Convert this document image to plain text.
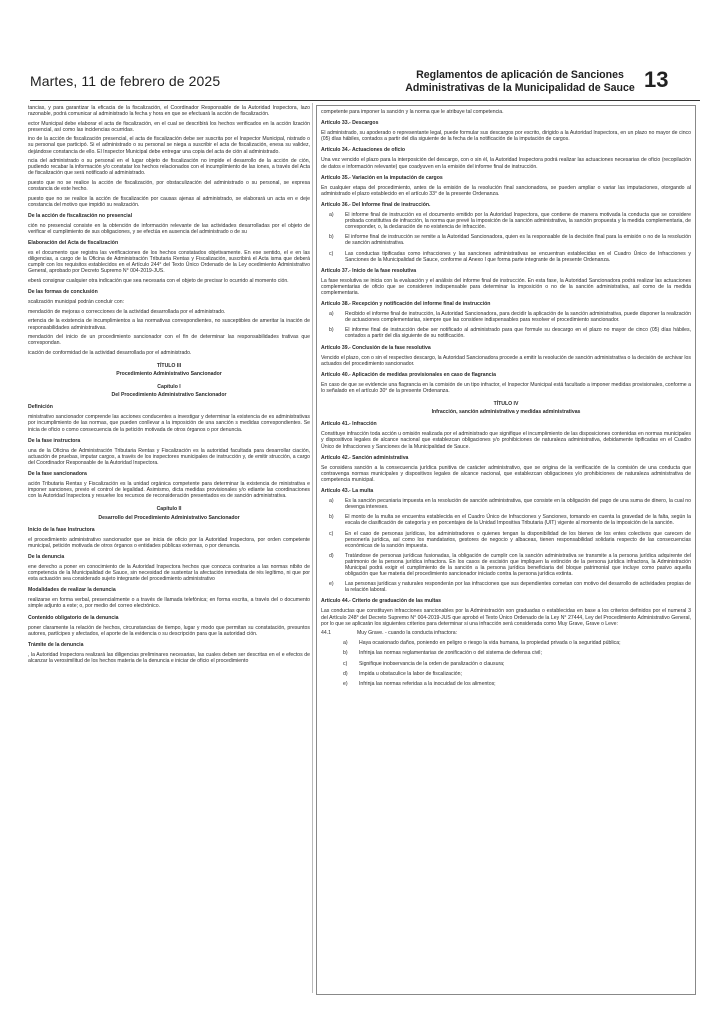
Martes, 11 de febrero de 2025	Reglamentos de aplicación de Sanciones
Administrativas de la Municipalidad de Sauce 13
tancias, y para garantizar la eficacia de la fiscalización, el Coordinador Responsable de la Autoridad Inspectora, lazo razonable, podrá comunicar al administrado la fecha y hora en que se efectuará la acción de fiscalización.
ector Municipal debe elaborar el acta de fiscalización, en el cual se describirá los hechos verificados en la acción lización presencial, así como las incidencias ocurridas.
ino de la acción de fiscalización presencial, el acta de fiscalización debe ser suscrita por el Inspector Municipal, nistrado o su personal que participó. Si el administrado o su personal se niega a suscribir el acta de fiscalización, enesa su validez, dejándose constancia de ello. El Inspector Municipal debe entregar una copia del acta de ción al administrado.
ncia del administrado o su personal en el lugar objeto de fiscalización no impide el desarrollo de la acción de ción, pudiendo recabar la información y/o constatar los hechos relacionados con el incumplimiento de las iones, a través del Acta de fiscalización que será notificado al administrado.
puesto que no se realice la acción de fiscalización, por obstaculización del administrado o su personal, se expresa constancia de este hecho.
puesto que no se realice la acción de fiscalización por causas ajenas al administrado, se elaborará un acta en e deje constancia del motivo que impidió su realización.
De la acción de fiscalización no presencial
ción no presencial consiste en la obtención de información relevante de las actividades desarrolladas por el objeto de verificar el cumplimiento de sus obligaciones, y se efectúa en ausencia del administrado o de su
Elaboración del Acta de fiscalización
es el documento que registra las verificaciones de los hechos constatados objetivamente. En ese sentido, el e en las diligencias, a cargo de la Oficina de Administración Tributaria Rentas y Fiscalización, suscribirá el Acta isma que deberá cumplir con los requisitos establecidos en el Artículo 244° del Texto Único Ordenado de la Ley ocedimiento Administrativo General, aprobado por Decreto Supremo N° 004-2019-JUS.
eberá consignar cualquier otra indicación que sea necesaria con el objeto de precisar lo ocurrido al momento ción.
De las formas de conclusión
scalización municipal podrán concluir con:
mendación de mejoras o correcciones de la actividad desarrollada por el administrado.
ertencia de la existencia de incumplimientos a las normativas correspondientes, no susceptibles de ameritar la inación de responsabilidades administrativas.
mendación del inicio de un procedimiento sancionador con el fin de determinar las responsabilidades trativas que correspondan.
icación de conformidad de la actividad desarrollada por el administrado.
TÍTULO III
Procedimiento Administrativo Sancionador
Capítulo I
Del Procedimiento Administrativo Sancionador
Definición
ministrativo sancionador comprende las acciones conducentes a investigar y determinar la existencia de es administrativas por incumplimiento de las normas, que pueden conllevar a la imposición de una sanción s medidas correspondientes. Se inicia de oficio o como consecuencia de la petición motivada de otros órganos o por denuncia.
De la fase instructora
una de la Oficina de Administración Tributaria Rentas y Fiscalización es la autoridad facultada para desarrollar ciación, actuación de pruebas, imputar cargos, a través de los inspectores municipales de instrucción y, de emitir strucción, a cargo del Coordinador Responsable de la Autoridad Inspectora.
De la fase sancionadora
ación Tributaria Rentas y Fiscalización es la unidad orgánica competente para determinar la existencia de ministrativa e imponer sanciones, previo el control de legalidad. Asimismo, dicta medidas provisionales y/o ediante las coordinaciones con la Autoridad Inspectora y resuelve los recursos de reconsideración presentados es de sanción administrativa.
Capítulo II
Desarrollo del Procedimiento Administrativo Sancionador
Inicio de la fase Instructora
el procedimiento administrativo sancionador que se inicia de oficio por la Autoridad Inspectora, por orden competente municipal, petición motivada de otros órganos o entidades públicas externas, o por denuncia.
De la denuncia
ene derecho a poner en conocimiento de la Autoridad Inspectora hechos que conozca contrarios a las normas ntbito de competencia de la Municipalidad de Sauce, sin necesidad de sustentar la afectación inmediata de rés legítimo, ni que por esta actuación sea considerado sujeto integrante del procedimiento administrativo
Modalidades de realizar la denuncia
realizarse en forma verbal, presencialmente o a través de llamada telefónica; en forma escrita, a través del o documento simple adjunto a este; o, por medio del correo electrónico.
Contenido obligatorio de la denuncia
poner claramente la relación de hechos, circunstancias de tiempo, lugar y modo que permitan su constatación, presuntos autores, partícipes y afectados, el aporte de la evidencia o su descripción para que la autoridad ción.
Trámite de la denuncia
, la Autoridad Inspectora realizará las diligencias preliminares necesarias, las cuales deben ser descritas en el e efectos de alcanzar la verosimilitud de los hechos materia de la denuncia e iniciar de oficio el procedimiento
competente para imponer la sanción y la norma que le atribuye tal competencia.
Artículo 33.- Descargos
El administrado, su apoderado o representante legal, puede formular sus descargos por escrito, dirigido a la Autoridad Inspectora, en un plazo no mayor de cinco (05) días hábiles, contados a partir del día siguiente de la fecha de la notificación de la imputación de cargos.
Artículo 34.- Actuaciones de oficio
Una vez vencido el plazo para la interposición del descargo, con o sin él, la Autoridad Inspectora podrá realizar las actuaciones necesarias de oficio (recopilación de datos e información relevante) que coadyuven en la emisión del informe final de instrucción.
Artículo 35.- Variación en la imputación de cargos
En cualquier etapa del procedimiento, antes de la emisión de la resolución final sancionadora, se pueden ampliar o variar las imputaciones, otorgando al administrado el plazo establecido en el artículo 33° de la presente Ordenanza.
Artículo 36.- Del Informe final de instrucción.
a)	El informe final de instrucción es el documento emitido por la Autoridad Inspectora, que contiene de manera motivada la conducta que se considere probada constitutiva de infracción, la norma que prevé la imposición de la sanción administrativa, la sanción propuesta y la medida complementaria, de corresponder, o, la declaración de no existencia de infracción.
b)	El informe final de instrucción se remite a la Autoridad Sancionadora, quien es la responsable de la decisión final para la emisión o no de la resolución de sanción administrativa.
c)	Las conductas tipificadas como infracciones y las sanciones administrativas se encuentran establecidas en el Cuadro Único de Infracciones y Sanciones de la Municipalidad de Sauce, conforme al Anexo I que forma parte integrante de la presente Ordenanza.
Artículo 37.- Inicio de la fase resolutiva
La fase resolutiva se inicia con la evaluación y el análisis del informe final de instrucción. En esta fase, la Autoridad Sancionadora podrá realizar las actuaciones complementarias de oficio que se consideren indispensable para determinar la imposición o no de la sanción administrativa, así como de la medida complementaria.
Artículo 38.- Recepción y notificación del informe final de instrucción
a)	Recibido el informe final de instrucción, la Autoridad Sancionadora, para decidir la aplicación de la sanción administrativa, puede disponer la realización de actuaciones complementarias, siempre que las considere indispensables para resolver el procedimiento sancionador.
b)	El informe final de instrucción debe ser notificado al administrado para que formule su descargo en el plazo no mayor de cinco (05) días hábiles, contados a partir del día siguiente de su notificación.
Artículo 39.- Conclusión de la fase resolutiva
Vencido el plazo, con o sin el respectivo descargo, la Autoridad Sancionadora procede a emitir la resolución de sanción administrativa o la decisión de archivar los actuados del procedimiento sancionador.
Artículo 40.- Aplicación de medidas provisionales en caso de flagrancia
En caso de que se evidencie una flagrancia en la comisión de un tipo infractor, el Inspector Municipal está facultado a imponer medidas provisionales, conforme a lo señalado en el artículo 30° de la presente Ordenanza.
TÍTULO IV
Infracción, sanción administrativa y medidas administrativas
Artículo 41.- Infracción
Constituye infracción toda acción u omisión realizada por el administrado que signifique el incumplimiento de las disposiciones contenidas en normas municipales y dispositivos legales de alcance nacional que establezcan obligaciones y/o prohibiciones de naturaleza administrativa, debidamente tipificadas en el Cuadro Único de Infracciones y Sanciones de la Municipalidad de Sauce.
Artículo 42.- Sanción administrativa
Se considera sanción a la consecuencia jurídica punitiva de carácter administrativo, que se origina de la verificación de la comisión de una conducta que contravenga normas municipales y dispositivos legales de alcance nacional, que establezcan obligaciones y/o prohibiciones de naturaleza administrativa de competencia municipal.
Artículo 43.- La multa
a)	Es la sanción pecuniaria impuesta en la resolución de sanción administrativa, que consiste en la obligación del pago de una suma de dinero, la cual no devenga intereses.
b)	El monto de la multa se encuentra establecida en el Cuadro Único de Infracciones y Sanciones, tomando en cuenta la gravedad de la falta, según la escala de clasificación de categoría y en porcentajes de la Unidad Impositiva Tributaria (UIT) vigente al momento de la imposición de la sanción.
c)	En el caso de personas jurídicas, los administradores o quienes tengan la disponibilidad de los bienes de los entes colectivos que carecen de personería jurídica, así como los mandatarios, gestores de negocio y albaceas, tienen responsabilidad solidaria respecto de las consecuencias económicas de la sanción impuesta.
d)	Tratándose de personas jurídicas fusionadas, la obligación de cumplir con la sanción administrativa se transmite a la persona jurídica adquirente del patrimonio de la persona jurídica infractora. En los casos de escisión que impliquen la extinción de la persona jurídica infractora, la Administración Municipal podrá exigir el cumplimiento de la sanción a la persona jurídica beneficiaria del bloque patrimonial que incluye como pasivo aquella obligación que fue materia del procedimiento sancionador iniciado contra la persona jurídica extinta.
e)	Las personas jurídicas y naturales responderán por las infracciones que sus dependientes cometan con motivo del desarrollo de actividades propias de la relación laboral.
Artículo 44.- Criterio de graduación de las multas
Las conductas que constituyen infracciones sancionables por la Administración son graduadas o establecidas en base a los criterios definidos por el numeral 3 del Artículo 248° del Decreto Supremo N° 004-2019-JUS que aprobó el Texto Único Ordenado de la Ley N° 27444, Ley del Procedimiento Administrativo General, por lo que se aplicarán los siguientes criterios para determinar si una infracción será considerada como Muy Grave, Grave o Leve:
44.1	Muy Grave. - cuando la conducta infractora:
a)	Haya ocasionado daños, poniendo en peligro o riesgo la vida humana, la propiedad privada o la seguridad pública;
b)	Infrinja las normas reglamentarias de zonificación o del sistema de defensa civil;
c)	Signifique inobservancia de la orden de paralización o clausura;
d)	Impida u obstaculice la labor de fiscalización;
e)	Infrinja las normas referidas a la inocuidad de los alimentos;
